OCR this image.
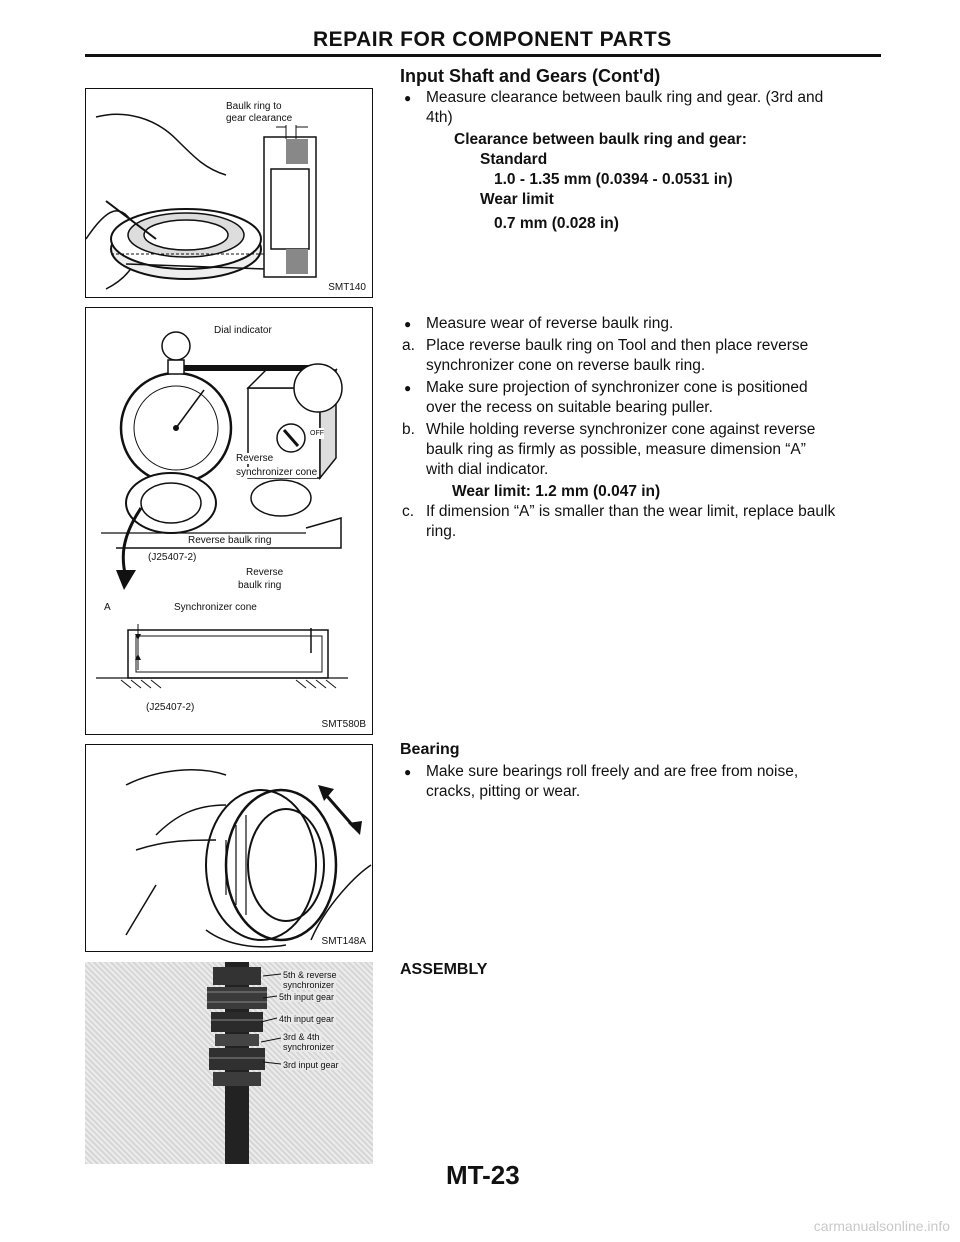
REPAIR FOR COMPONENT PARTS
Baulk ring to
gear clearance
SMT140
Dial indicator
OFF
Reverse
synchronizer cone
Reverse baulk ring
(J25407-2)
Reverse
baulk ring
A	Synchronizer cone
(J25407-2)
SMT580B
SMT148A
5th & reverse
synchronizer
5th input gear
4th input gear
3rd & 4th
synchronizer
3rd input gear
Input Shaft and Gears (Cont'd)
● Measure clearance between baulk ring and gear. (3rd and
4th)
Clearance between baulk ring and gear:
Standard
1.0 - 1.35 mm (0.0394 - 0.0531 in)
Wear limit
0.7 mm (0.028 in)
● Measure wear of reverse baulk ring.
a. Place reverse baulk ring on Tool and then place reverse
synchronizer cone on reverse baulk ring.
● Make sure projection of synchronizer cone is positioned
over the recess on suitable bearing puller.
b. While holding reverse synchronizer cone against reverse
baulk ring as firmly as possible, measure dimension “A”
with dial indicator.
Wear limit: 1.2 mm (0.047 in)
c. If dimension “A” is smaller than the wear limit, replace baulk
ring.
Bearing
● Make sure bearings roll freely and are free from noise,
cracks, pitting or wear.
ASSEMBLY
MT-23
carmanualsonline.info
